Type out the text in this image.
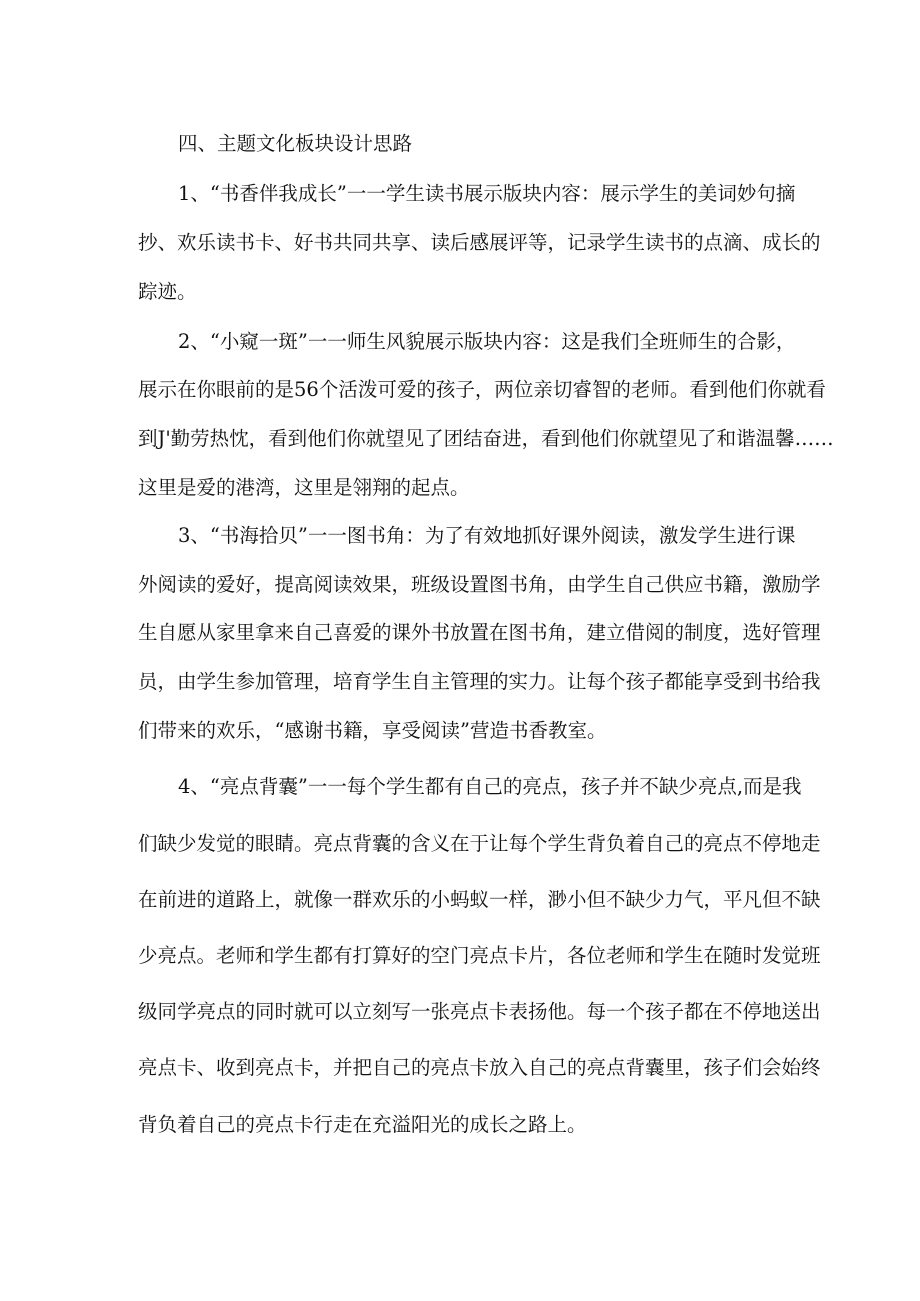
四、主题文化板块设计思路
1、“书香伴我成长”一一学生读书展示版块内容：展示学生的美词妙句摘
抄、欢乐读书卡、好书共同共享、读后感展评等，记录学生读书的点滴、成长的
踪迹。
2、“小窥一斑”一一师生风貌展示版块内容：这是我们全班师生的合影，
展示在你眼前的是56个活泼可爱的孩子，两位亲切睿智的老师。看到他们你就看
到J'勤劳热忱，看到他们你就望见了团结奋进，看到他们你就望见了和谐温馨……
这里是爱的港湾，这里是翎翔的起点。
3、“书海拾贝”一一图书角：为了有效地抓好课外阅读，激发学生进行课
外阅读的爱好，提高阅读效果，班级设置图书角，由学生自己供应书籍，激励学
生自愿从家里拿来自己喜爱的课外书放置在图书角，建立借阅的制度，选好管理
员，由学生参加管理，培育学生自主管理的实力。让每个孩子都能享受到书给我
们带来的欢乐，“感谢书籍，享受阅读”营造书香教室。
4、“亮点背囊”一一每个学生都有自己的亮点，孩子并不缺少亮点,而是我
们缺少发觉的眼睛。亮点背囊的含义在于让每个学生背负着自己的亮点不停地走
在前进的道路上，就像一群欢乐的小蚂蚁一样，渺小但不缺少力气，平凡但不缺
少亮点。老师和学生都有打算好的空门亮点卡片，各位老师和学生在随时发觉班
级同学亮点的同时就可以立刻写一张亮点卡表扬他。每一个孩子都在不停地送出
亮点卡、收到亮点卡，并把自己的亮点卡放入自己的亮点背囊里，孩子们会始终
背负着自己的亮点卡行走在充溢阳光的成长之路上。
